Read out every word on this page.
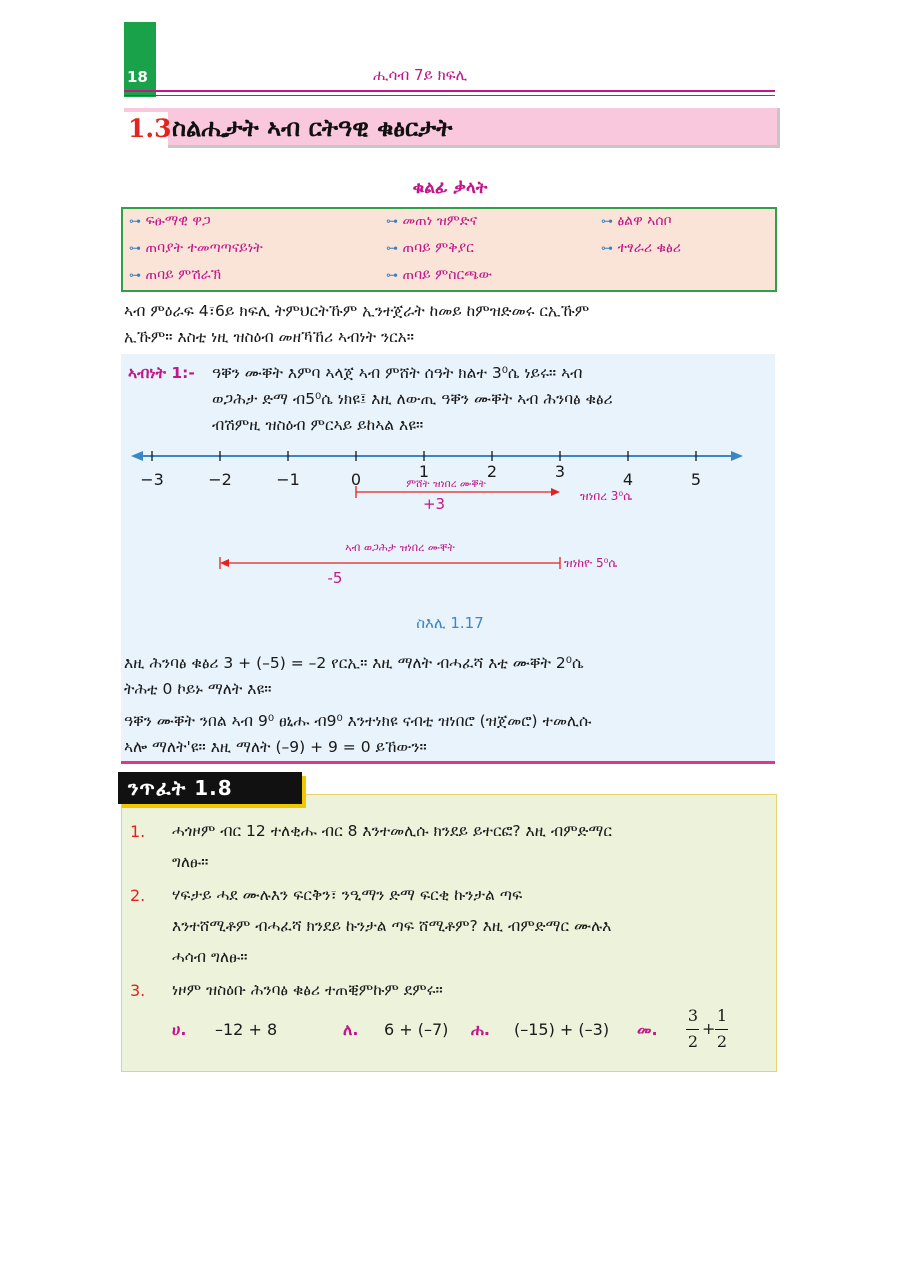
18	ሒሳብ 7ይ ክፍሊ
1.3 ስልሒታት ኣብ ርትዓዊ ቁፅርታት
ቁልፊ ቃላት
⊶ ፍፁማዊ ዋጋ	⊶ መጠነ ዝምድና	⊶ ፅልዋ ኣሰቦ
⊶ ጠባያት ተመጣጣናይነት	⊶ ጠባይ ምቅያር	⊶ ተፃራሪ ቁፅሪ
⊶ ጠባይ ምሽራኽ	⊶ ጠባይ ምስርጫው
ኣብ ምዕራፍ 4፣6ይ ክፍሊ ትምህርትኹም ኢንተጀራት ከመይ ከምዝድመሩ ርኢኹም
ኢኹም። እስቲ ነዚ ዝስዕብ መዘኻኸሪ ኣብነት ንርአ።
ኣብነት 1:- ዓቐን ሙቐት እምባ ኣላጀ ኣብ ምሸት ሰዓት ክልተ 3⁰ሴ ነይሩ። ኣብ
ወጋሕታ ድማ ብ5⁰ሴ ነክዩ፤ እዚ ለውጢ ዓቐን ሙቐት ኣብ ሕንባፅ ቁፅሪ
ብሽምዚ ዝስዕብ ምርኣይ ይከኣል እዩ።
−3	−2	−1	0	1	2	3	4	5
ምሸት ዝነበረ ሙቐት
+3	ዝነበረ 3⁰ሴ
ኣብ ወጋሕታ ዝነበረ ሙቐት
-5
ዝነከዮ 5⁰ሴ
ስእሊ 1.17
እዚ ሕንባፅ ቁፅሪ 3 + (–5) = –2 የርኢ። እዚ ማለት ብሓፈሻ እቲ ሙቐት 2⁰ሴ
ትሕቲ 0 ኮይኑ ማለት እዩ።
ዓቐን ሙቐት ንበል ኣብ 9⁰ ፀኒሑ ብ9⁰ እንተነክዩ ናብቲ ዝነበሮ (ዝጀመሮ) ተመሊሱ
ኣሎ ማለት'ዩ። እዚ ማለት (–9) + 9 = 0 ይኸውን።
ንጥፈት 1.8
1. ሓጎዞም ብር 12 ተለቂሑ ብር 8 እንተመሊሱ ክንደይ ይተርፎ? እዚ ብምድማር
ግለፁ።
2. ሃፍታይ ሓደ ሙሉእን ፍርቅን፣ ንዒማን ድማ ፍርቂ ኩንታል ጣፍ
እንተሸሚቶም ብሓፈሻ ክንደይ ኩንታል ጣፍ ሸሚቶም? እዚ ብምድማር ሙሉእ
ሓሳብ ግለፁ።
3. ነዞም ዝስዕቡ ሕንባፅ ቁፅሪ ተጠቒምኩም ደምሩ።
ሀ. –12 + 8	ለ. 6 + (–7) ሐ. (–15) + (–3) መ.
3
2
+
1
2
